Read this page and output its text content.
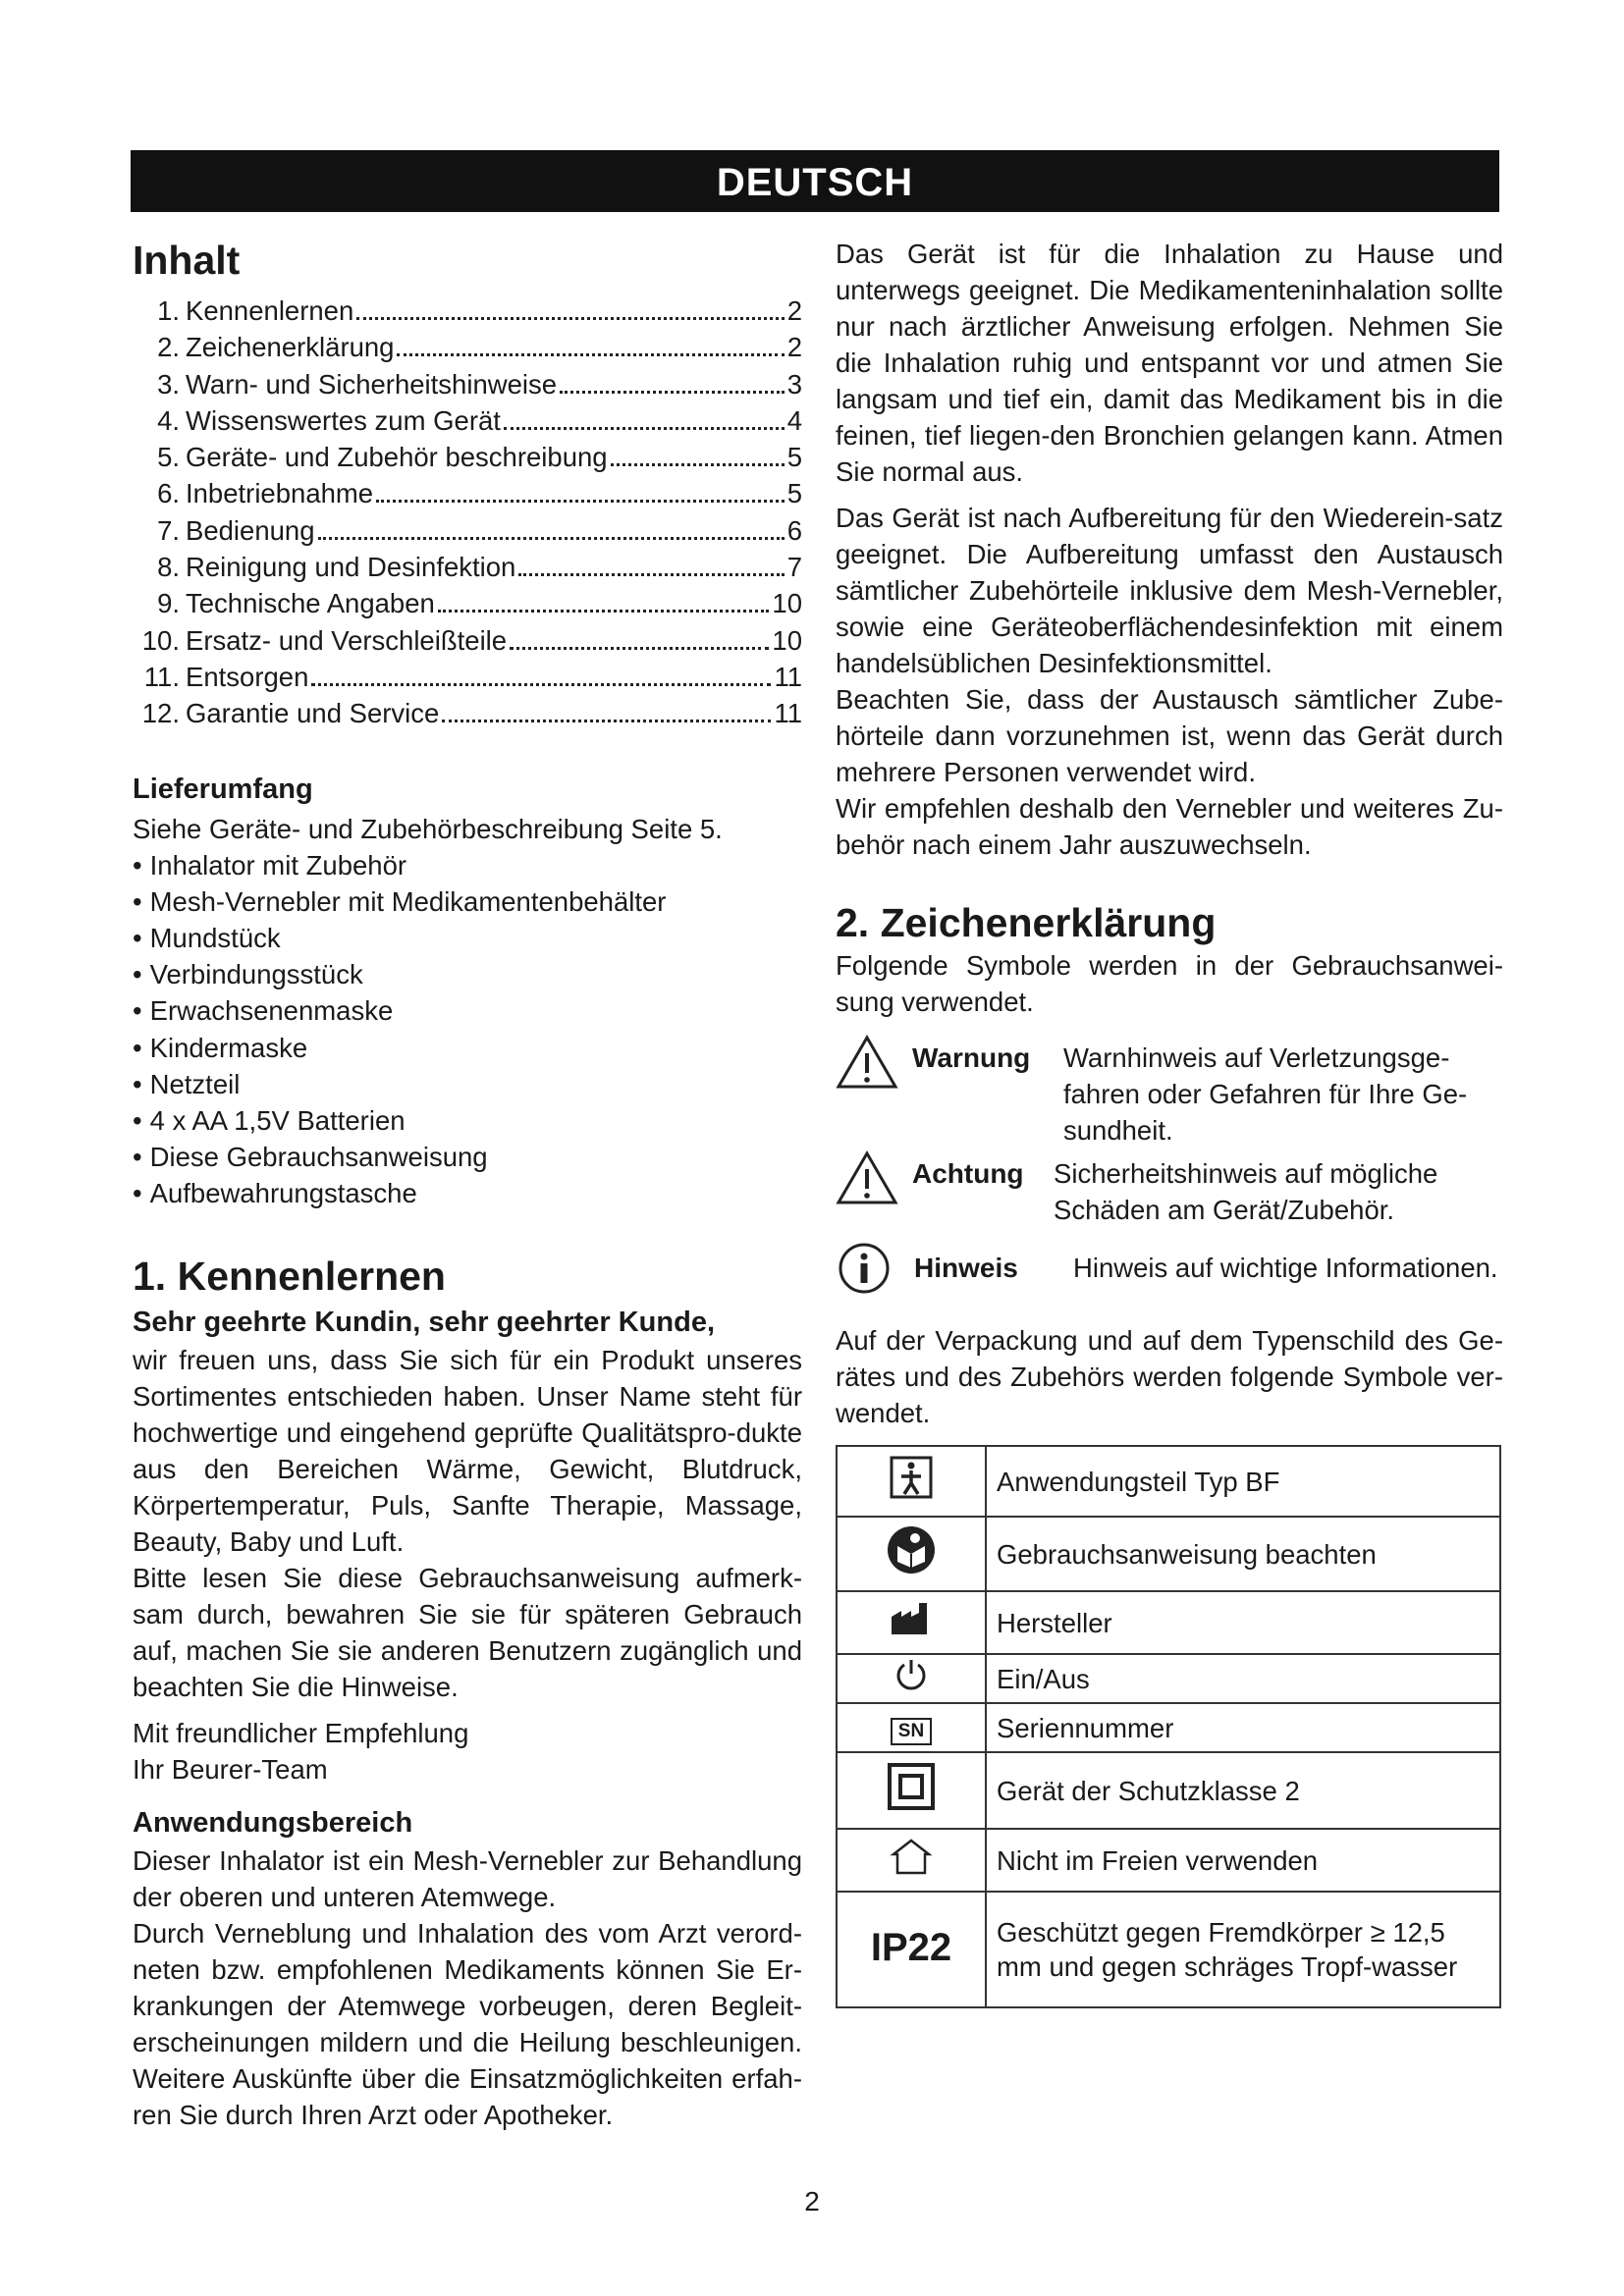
DEUTSCH
Inhalt
1. Kennenlernen	2
2. Zeichenerklärung	2
3. Warn- und Sicherheitshinweise	3
4. Wissenswertes zum Gerät	4
5. Geräte- und Zubehör beschreibung	5
6. Inbetriebnahme	5
7. Bedienung	6
8. Reinigung und Desinfektion	7
9. Technische Angaben	10
10. Ersatz- und Verschleißteile	10
11. Entsorgen	11
12. Garantie und Service	11
Lieferumfang

Siehe Geräte- und Zubehörbeschreibung Seite 5.

• Inhalator mit Zubehör
• Mesh-Vernebler mit Medikamentenbehälter
• Mundstück
• Verbindungsstück
• Erwachsenenmaske
• Kindermaske
• Netzteil
• 4 x AA 1,5V Batterien
• Diese Gebrauchsanweisung
• Aufbewahrungstasche
1. Kennenlernen
Sehr geehrte Kundin, sehr geehrter Kunde,

wir freuen uns, dass Sie sich für ein Produkt unseres Sortimentes entschieden haben. Unser Name steht für hochwertige und eingehend geprüfte Qualitätspro-dukte aus den Bereichen Wärme, Gewicht, Blutdruck, Körpertemperatur, Puls, Sanfte Therapie, Massage, Beauty, Baby und Luft.

Bitte lesen Sie diese Gebrauchsanweisung aufmerk-sam durch, bewahren Sie sie für späteren Gebrauch auf, machen Sie sie anderen Benutzern zugänglich und beachten Sie die Hinweise.

Mit freundlicher Empfehlung

Ihr Beurer-Team

Anwendungsbereich

Dieser Inhalator ist ein Mesh-Vernebler zur Behandlung der oberen und unteren Atemwege.

Durch Verneblung und Inhalation des vom Arzt verord-neten bzw. empfohlenen Medikaments können Sie Er-krankungen der Atemwege vorbeugen, deren Begleit-erscheinungen mildern und die Heilung beschleunigen. Weitere Auskünfte über die Einsatzmöglichkeiten erfah-ren Sie durch Ihren Arzt oder Apotheker.

Das Gerät ist für die Inhalation zu Hause und unterwegs geeignet. Die Medikamenteninhalation sollte nur nach ärztlicher Anweisung erfolgen. Nehmen Sie die Inhalation ruhig und entspannt vor und atmen Sie langsam und tief ein, damit das Medikament bis in die feinen, tief liegen-den Bronchien gelangen kann. Atmen Sie normal aus.

Das Gerät ist nach Aufbereitung für den Wiederein-satz geeignet. Die Aufbereitung umfasst den Austausch sämtlicher Zubehörteile inklusive dem Mesh-Vernebler, sowie eine Geräteoberflächendesinfektion mit einem handelsüblichen Desinfektionsmittel.

Beachten Sie, dass der Austausch sämtlicher Zube-hörteile dann vorzunehmen ist, wenn das Gerät durch mehrere Personen verwendet wird.

Wir empfehlen deshalb den Vernebler und weiteres Zu-behör nach einem Jahr auszuwechseln.

2. Zeichenerklärung

Folgende Symbole werden in der Gebrauchsanwei-sung verwendet.

Warnung Warnhinweis auf Verletzungsge-fahren oder Gefahren für Ihre Ge-sundheit.
Achtung Sicherheitshinweis auf mögliche Schäden am Gerät/Zubehör.
Hinweis Hinweis auf wichtige Informationen.

Auf der Verpackung und auf dem Typenschild des Ge-rätes und des Zubehörs werden folgende Symbole ver-wendet.

	Anwendungsteil Typ BF
	Gebrauchsanweisung beachten
	Hersteller
	Ein/Aus
SN	Seriennummer
	Gerät der Schutzklasse 2
	Nicht im Freien verwenden
IP22	Geschützt gegen Fremdkörper ≥ 12,5 mm und gegen schräges Tropf-wasser
2
